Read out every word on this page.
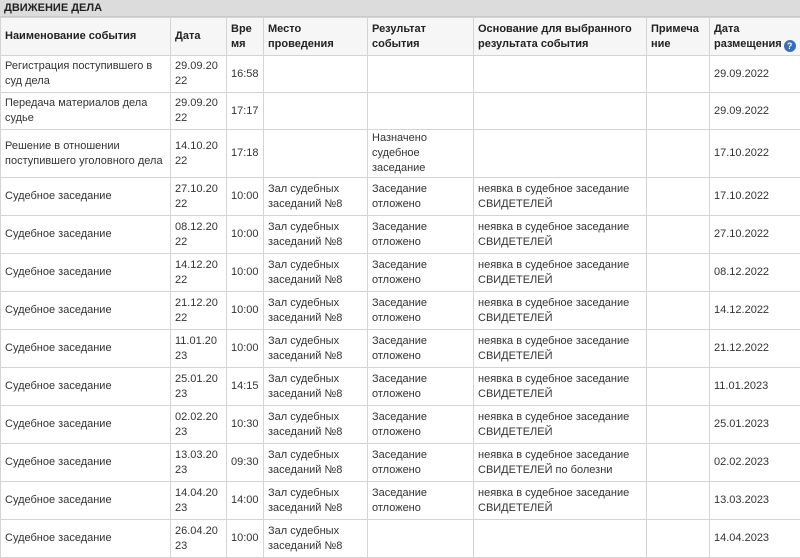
ДВИЖЕНИЕ ДЕЛА
Наименование события	Дата	Время	Место проведения	Результат события	Основание для выбранного результата события	Примечание	Дата размещения ?
Регистрация поступившего в суд дела	29.09.2022	16:58					29.09.2022
Передача материалов дела судье	29.09.2022	17:17					29.09.2022
Решение в отношении поступившего уголовного дела	14.10.2022	17:18		Назначено судебное заседание			17.10.2022
Судебное заседание	27.10.2022	10:00	Зал судебных заседаний №8	Заседание отложено	неявка в судебное заседание СВИДЕТЕЛЕЙ		17.10.2022
Судебное заседание	08.12.2022	10:00	Зал судебных заседаний №8	Заседание отложено	неявка в судебное заседание СВИДЕТЕЛЕЙ		27.10.2022
Судебное заседание	14.12.2022	10:00	Зал судебных заседаний №8	Заседание отложено	неявка в судебное заседание СВИДЕТЕЛЕЙ		08.12.2022
Судебное заседание	21.12.2022	10:00	Зал судебных заседаний №8	Заседание отложено	неявка в судебное заседание СВИДЕТЕЛЕЙ		14.12.2022
Судебное заседание	11.01.2023	10:00	Зал судебных заседаний №8	Заседание отложено	неявка в судебное заседание СВИДЕТЕЛЕЙ		21.12.2022
Судебное заседание	25.01.2023	14:15	Зал судебных заседаний №8	Заседание отложено	неявка в судебное заседание СВИДЕТЕЛЕЙ		11.01.2023
Судебное заседание	02.02.2023	10:30	Зал судебных заседаний №8	Заседание отложено	неявка в судебное заседание СВИДЕТЕЛЕЙ		25.01.2023
Судебное заседание	13.03.2023	09:30	Зал судебных заседаний №8	Заседание отложено	неявка в судебное заседание СВИДЕТЕЛЕЙ по болезни		02.02.2023
Судебное заседание	14.04.2023	14:00	Зал судебных заседаний №8	Заседание отложено	неявка в судебное заседание СВИДЕТЕЛЕЙ		13.03.2023
Судебное заседание	26.04.2023	10:00	Зал судебных заседаний №8				14.04.2023
